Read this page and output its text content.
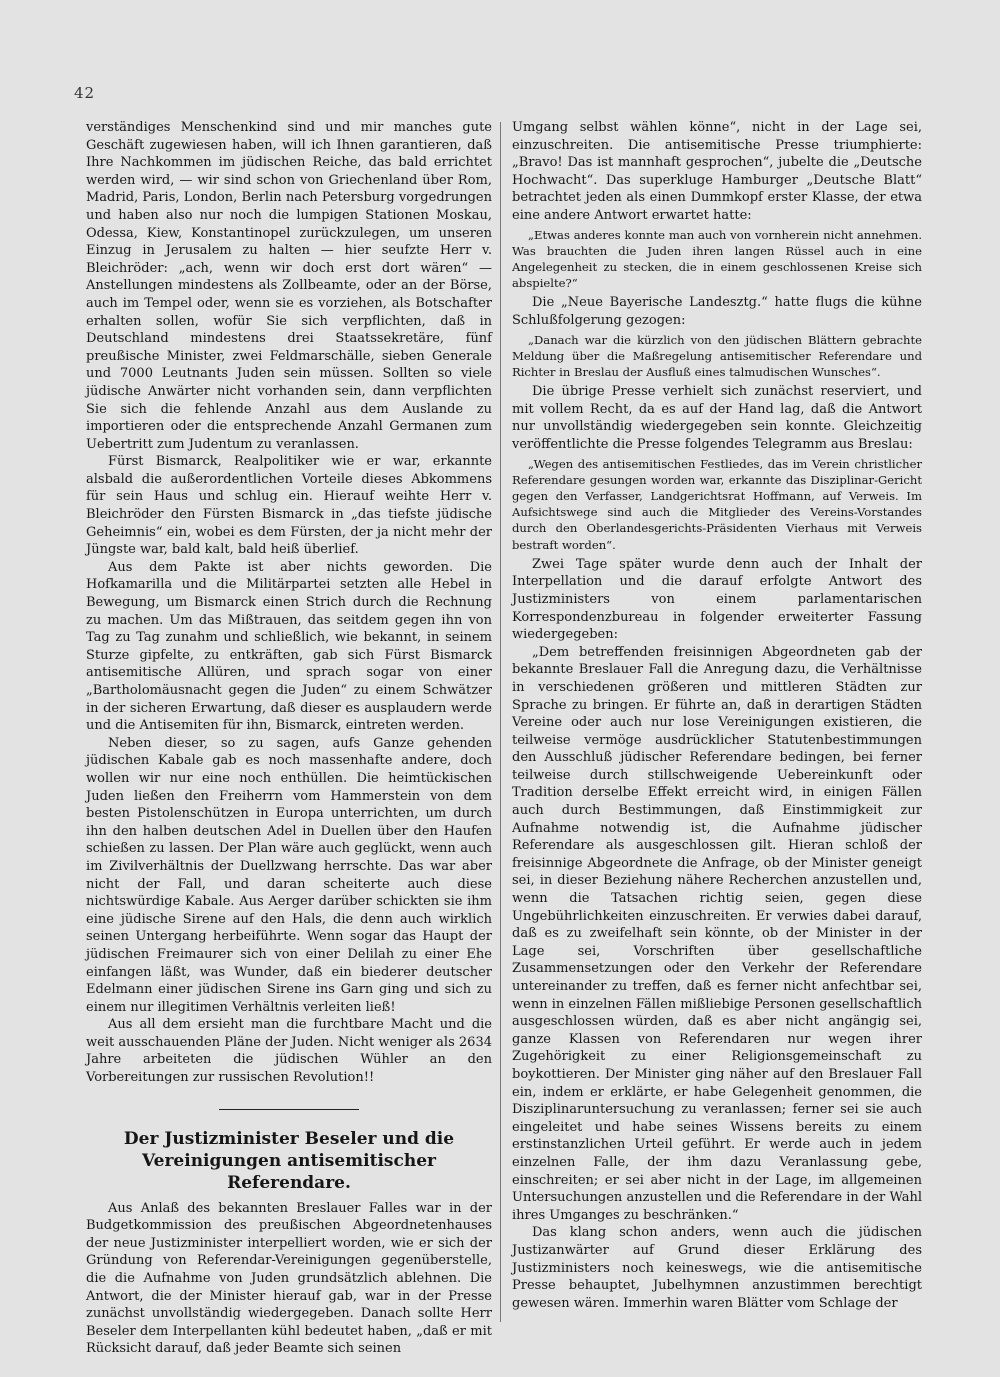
42

verständiges Menschenkind sind und mir manches gute Geschäft zugewiesen haben, will ich Ihnen garantieren, daß Ihre Nachkommen im jüdischen Reiche, das bald errichtet werden wird, — wir sind schon von Griechenland über Rom, Madrid, Paris, London, Berlin nach Petersburg vorgedrungen und haben also nur noch die lumpigen Stationen Moskau, Odessa, Kiew, Konstantinopel zurückzulegen, um unseren Einzug in Jerusalem zu halten — hier seufzte Herr v. Bleichröder: „ach, wenn wir doch erst dort wären“ — Anstellungen mindestens als Zollbeamte, oder an der Börse, auch im Tempel oder, wenn sie es vorziehen, als Botschafter erhalten sollen, wofür Sie sich verpflichten, daß in Deutschland mindestens drei Staatssekretäre, fünf preußische Minister, zwei Feldmarschälle, sieben Generale und 7000 Leutnants Juden sein müssen. Sollten so viele jüdische Anwärter nicht vorhanden sein, dann verpflichten Sie sich die fehlende Anzahl aus dem Auslande zu importieren oder die entsprechende Anzahl Germanen zum Uebertritt zum Judentum zu veranlassen.

Fürst Bismarck, Realpolitiker wie er war, erkannte alsbald die außerordentlichen Vorteile dieses Abkommens für sein Haus und schlug ein. Hierauf weihte Herr v. Bleichröder den Fürsten Bismarck in „das tiefste jüdische Geheimnis“ ein, wobei es dem Fürsten, der ja nicht mehr der Jüngste war, bald kalt, bald heiß überlief.

Aus dem Pakte ist aber nichts geworden. Die Hofkamarilla und die Militärpartei setzten alle Hebel in Bewegung, um Bismarck einen Strich durch die Rechnung zu machen. Um das Mißtrauen, das seitdem gegen ihn von Tag zu Tag zunahm und schließlich, wie bekannt, in seinem Sturze gipfelte, zu entkräften, gab sich Fürst Bismarck antisemitische Allüren, und sprach sogar von einer „Bartholomäusnacht gegen die Juden“ zu einem Schwätzer in der sicheren Erwartung, daß dieser es ausplaudern werde und die Antisemiten für ihn, Bismarck, eintreten werden.

Neben dieser, so zu sagen, aufs Ganze gehenden jüdischen Kabale gab es noch massenhafte andere, doch wollen wir nur eine noch enthüllen. Die heimtückischen Juden ließen den Freiherrn vom Hammerstein von dem besten Pistolenschützen in Europa unterrichten, um durch ihn den halben deutschen Adel in Duellen über den Haufen schießen zu lassen. Der Plan wäre auch geglückt, wenn auch im Zivilverhältnis der Duellzwang herrschte. Das war aber nicht der Fall, und daran scheiterte auch diese nichtswürdige Kabale. Aus Aerger darüber schickten sie ihm eine jüdische Sirene auf den Hals, die denn auch wirklich seinen Untergang herbeiführte. Wenn sogar das Haupt der jüdischen Freimaurer sich von einer Delilah zu einer Ehe einfangen läßt, was Wunder, daß ein biederer deutscher Edelmann einer jüdischen Sirene ins Garn ging und sich zu einem nur illegitimen Verhältnis verleiten ließ!

Aus all dem ersieht man die furchtbare Macht und die weit ausschauenden Pläne der Juden. Nicht weniger als 2634 Jahre arbeiteten die jüdischen Wühler an den Vorbereitungen zur russischen Revolution!!

Der Justizminister Beseler und die
Vereinigungen antisemitischer Referendare.

Aus Anlaß des bekannten Breslauer Falles war in der Budgetkommission des preußischen Abgeordnetenhauses der neue Justizminister interpelliert worden, wie er sich der Gründung von Referendar-Vereinigungen gegenüberstelle, die die Aufnahme von Juden grundsätzlich ablehnen. Die Antwort, die der Minister hierauf gab, war in der Presse zunächst unvollständig wiedergegeben. Danach sollte Herr Beseler dem Interpellanten kühl bedeutet haben, „daß er mit Rücksicht darauf, daß jeder Beamte sich seinen

Umgang selbst wählen könne“, nicht in der Lage sei, einzuschreiten. Die antisemitische Presse triumphierte: „Bravo! Das ist mannhaft gesprochen“, jubelte die „Deutsche Hochwacht“. Das superkluge Hamburger „Deutsche Blatt“ betrachtet jeden als einen Dummkopf erster Klasse, der etwa eine andere Antwort erwartet hatte:

„Etwas anderes konnte man auch von vornherein nicht annehmen. Was brauchten die Juden ihren langen Rüssel auch in eine Angelegenheit zu stecken, die in einem geschlossenen Kreise sich abspielte?“

Die „Neue Bayerische Landesztg.“ hatte flugs die kühne Schlußfolgerung gezogen:

„Danach war die kürzlich von den jüdischen Blättern gebrachte Meldung über die Maßregelung antisemitischer Referendare und Richter in Breslau der Ausfluß eines talmudischen Wunsches“.

Die übrige Presse verhielt sich zunächst reserviert, und mit vollem Recht, da es auf der Hand lag, daß die Antwort nur unvollständig wiedergegeben sein konnte. Gleichzeitig veröffentlichte die Presse folgendes Telegramm aus Breslau:

„Wegen des antisemitischen Festliedes, das im Verein christlicher Referendare gesungen worden war, erkannte das Disziplinar-Gericht gegen den Verfasser, Landgerichtsrat Hoffmann, auf Verweis. Im Aufsichtswege sind auch die Mitglieder des Vereins-Vorstandes durch den Oberlandesgerichts-Präsidenten Vierhaus mit Verweis bestraft worden“.

Zwei Tage später wurde denn auch der Inhalt der Interpellation und die darauf erfolgte Antwort des Justizministers von einem parlamentarischen Korrespondenzbureau in folgender erweiterter Fassung wiedergegeben:

„Dem betreffenden freisinnigen Abgeordneten gab der bekannte Breslauer Fall die Anregung dazu, die Verhältnisse in verschiedenen größeren und mittleren Städten zur Sprache zu bringen. Er führte an, daß in derartigen Städten Vereine oder auch nur lose Vereinigungen existieren, die teilweise vermöge ausdrücklicher Statutenbestimmungen den Ausschluß jüdischer Referendare bedingen, bei ferner teilweise durch stillschweigende Uebereinkunft oder Tradition derselbe Effekt erreicht wird, in einigen Fällen auch durch Bestimmungen, daß Einstimmigkeit zur Aufnahme notwendig ist, die Aufnahme jüdischer Referendare als ausgeschlossen gilt. Hieran schloß der freisinnige Abgeordnete die Anfrage, ob der Minister geneigt sei, in dieser Beziehung nähere Recherchen anzustellen und, wenn die Tatsachen richtig seien, gegen diese Ungebührlichkeiten einzuschreiten. Er verwies dabei darauf, daß es zu zweifelhaft sein könnte, ob der Minister in der Lage sei, Vorschriften über gesellschaftliche Zusammensetzungen oder den Verkehr der Referendare untereinander zu treffen, daß es ferner nicht anfechtbar sei, wenn in einzelnen Fällen mißliebige Personen gesellschaftlich ausgeschlossen würden, daß es aber nicht angängig sei, ganze Klassen von Referendaren nur wegen ihrer Zugehörigkeit zu einer Religionsgemeinschaft zu boykottieren. Der Minister ging näher auf den Breslauer Fall ein, indem er erklärte, er habe Gelegenheit genommen, die Disziplinaruntersuchung zu veranlassen; ferner sei sie auch eingeleitet und habe seines Wissens bereits zu einem erstinstanzlichen Urteil geführt. Er werde auch in jedem einzelnen Falle, der ihm dazu Veranlassung gebe, einschreiten; er sei aber nicht in der Lage, im allgemeinen Untersuchungen anzustellen und die Referendare in der Wahl ihres Umganges zu beschränken.“

Das klang schon anders, wenn auch die jüdischen Justizanwärter auf Grund dieser Erklärung des Justizministers noch keineswegs, wie die antisemitische Presse behauptet, Jubelhymnen anzustimmen berechtigt gewesen wären. Immerhin waren Blätter vom Schlage der
